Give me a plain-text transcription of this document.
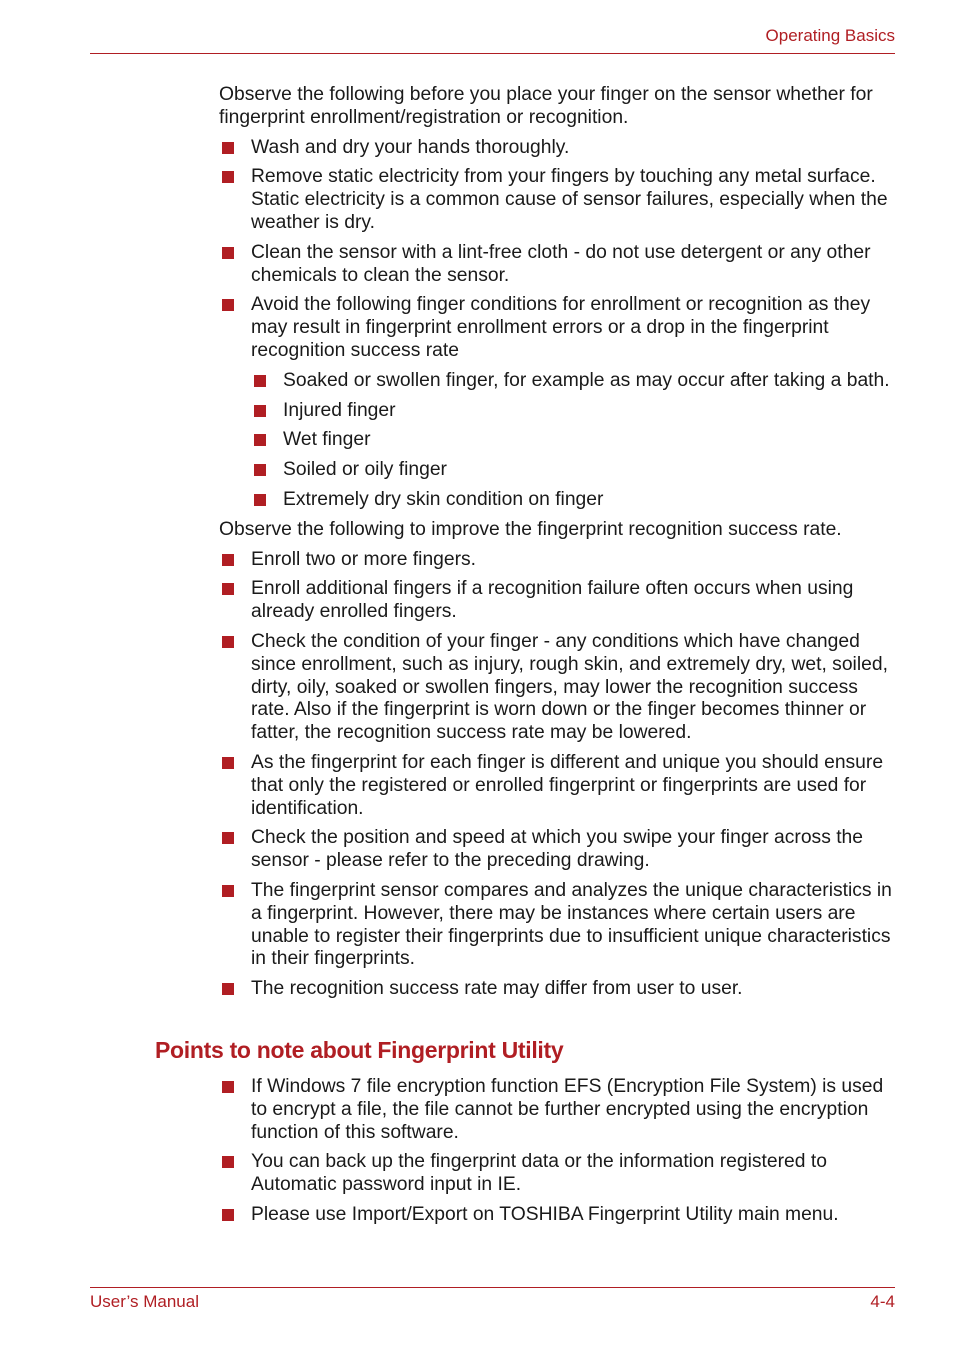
Operating Basics

Observe the following before you place your finger on the sensor whether for fingerprint enrollment/registration or recognition.

Wash and dry your hands thoroughly.
Remove static electricity from your fingers by touching any metal surface. Static electricity is a common cause of sensor failures, especially when the weather is dry.
Clean the sensor with a lint-free cloth - do not use detergent or any other chemicals to clean the sensor.
Avoid the following finger conditions for enrollment or recognition as they may result in fingerprint enrollment errors or a drop in the fingerprint recognition success rate
Soaked or swollen finger, for example as may occur after taking a bath.
Injured finger
Wet finger
Soiled or oily finger
Extremely dry skin condition on finger

Observe the following to improve the fingerprint recognition success rate.

Enroll two or more fingers.
Enroll additional fingers if a recognition failure often occurs when using already enrolled fingers.
Check the condition of your finger - any conditions which have changed since enrollment, such as injury, rough skin, and extremely dry, wet, soiled, dirty, oily, soaked or swollen fingers, may lower the recognition success rate. Also if the fingerprint is worn down or the finger becomes thinner or fatter, the recognition success rate may be lowered.
As the fingerprint for each finger is different and unique you should ensure that only the registered or enrolled fingerprint or fingerprints are used for identification.
Check the position and speed at which you swipe your finger across the sensor - please refer to the preceding drawing.
The fingerprint sensor compares and analyzes the unique characteristics in a fingerprint. However, there may be instances where certain users are unable to register their fingerprints due to insufficient unique characteristics in their fingerprints.
The recognition success rate may differ from user to user.
Points to note about Fingerprint Utility
If Windows 7 file encryption function EFS (Encryption File System) is used to encrypt a file, the file cannot be further encrypted using the encryption function of this software.
You can back up the fingerprint data or the information registered to Automatic password input in IE.
Please use Import/Export on TOSHIBA Fingerprint Utility main menu.
User’s Manual	4-4
